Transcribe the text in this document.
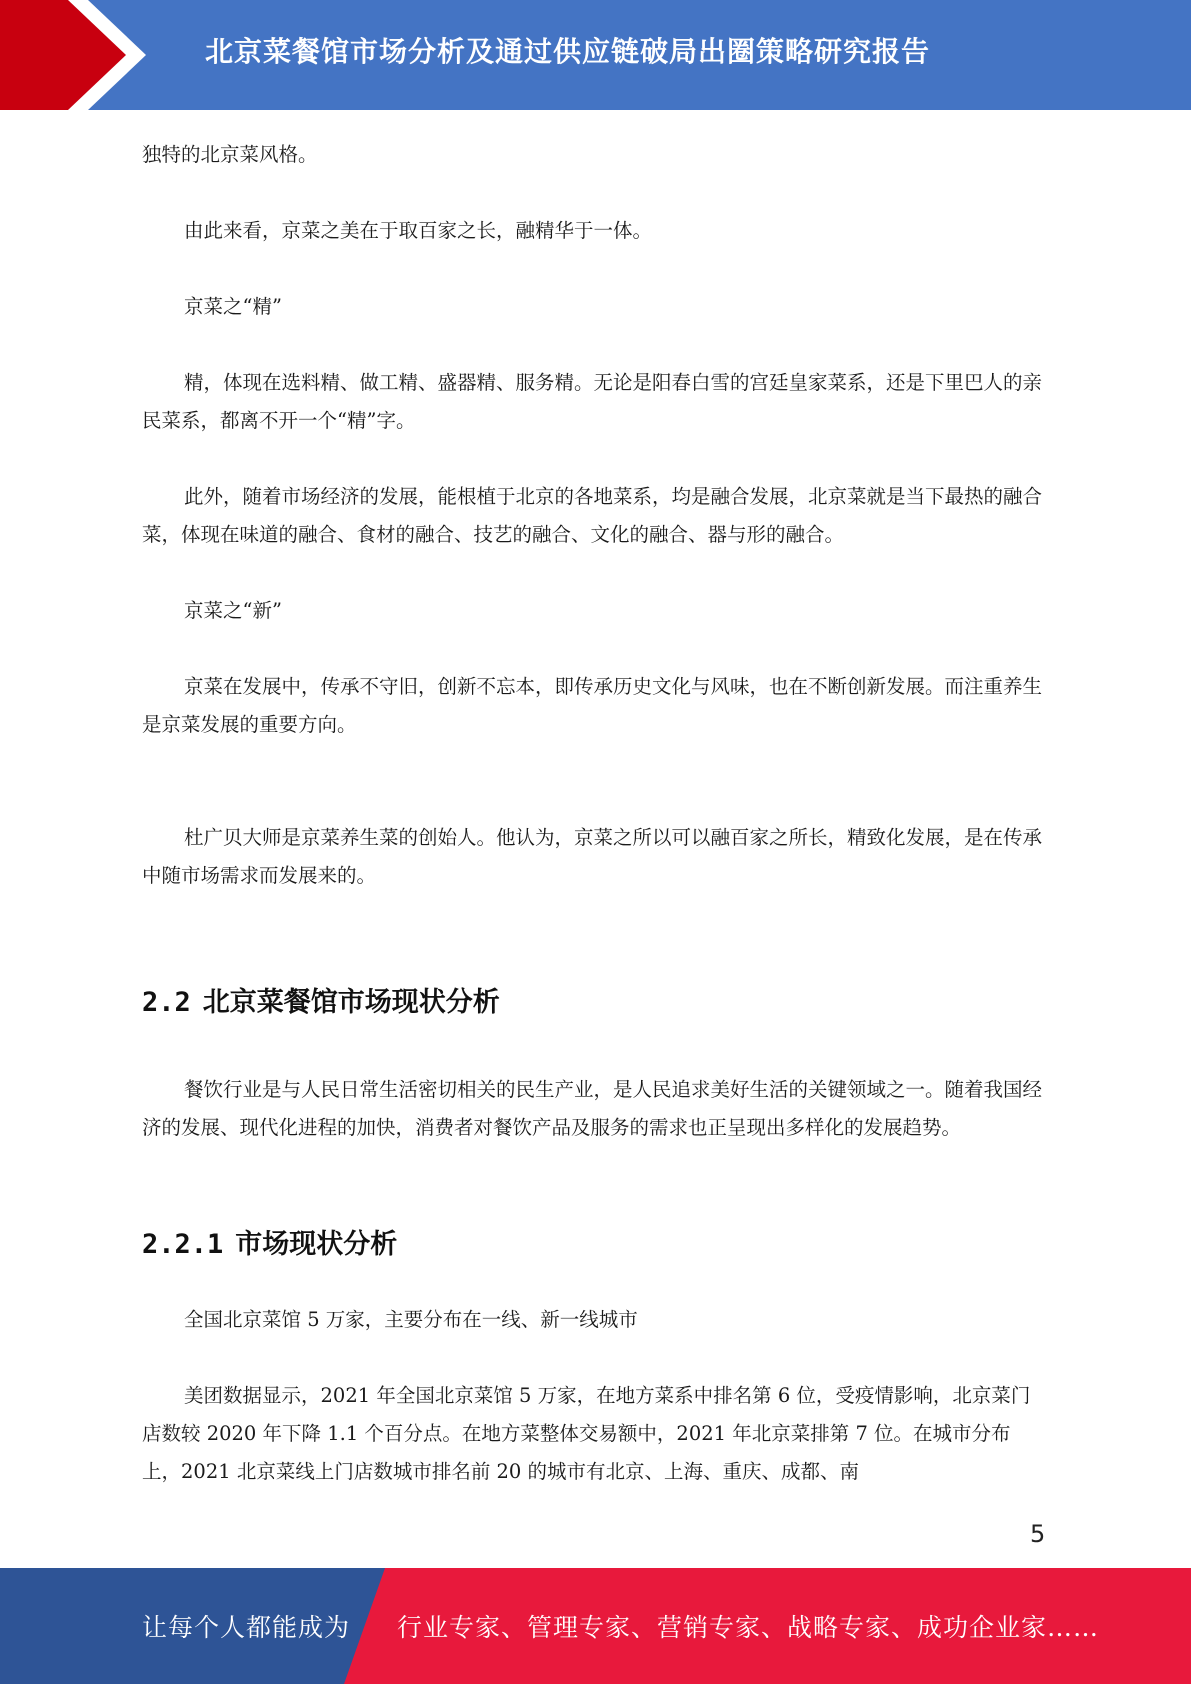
北京菜餐馆市场分析及通过供应链破局出圈策略研究报告

独特的北京菜风格。

由此来看，京菜之美在于取百家之长，融精华于一体。

京菜之“精”

精，体现在选料精、做工精、盛器精、服务精。无论是阳春白雪的宫廷皇家菜系，还是下里巴人的亲民菜系，都离不开一个“精”字。

此外，随着市场经济的发展，能根植于北京的各地菜系，均是融合发展，北京菜就是当下最热的融合菜，体现在味道的融合、食材的融合、技艺的融合、文化的融合、器与形的融合。

京菜之“新”

京菜在发展中，传承不守旧，创新不忘本，即传承历史文化与风味，也在不断创新发展。而注重养生是京菜发展的重要方向。

杜广贝大师是京菜养生菜的创始人。他认为，京菜之所以可以融百家之所长，精致化发展，是在传承中随市场需求而发展来的。

2.2 北京菜餐馆市场现状分析

餐饮行业是与人民日常生活密切相关的民生产业，是人民追求美好生活的关键领域之一。随着我国经济的发展、现代化进程的加快，消费者对餐饮产品及服务的需求也正呈现出多样化的发展趋势。

2.2.1 市场现状分析

全国北京菜馆 5 万家，主要分布在一线、新一线城市

美团数据显示，2021 年全国北京菜馆 5 万家，在地方菜系中排名第 6 位，受疫情影响，北京菜门店数较 2020 年下降 1.1 个百分点。在地方菜整体交易额中，2021 年北京菜排第 7 位。在城市分布上，2021 北京菜线上门店数城市排名前 20 的城市有北京、上海、重庆、成都、南

5
让每个人都能成为 行业专家、管理专家、营销专家、战略专家、成功企业家……
